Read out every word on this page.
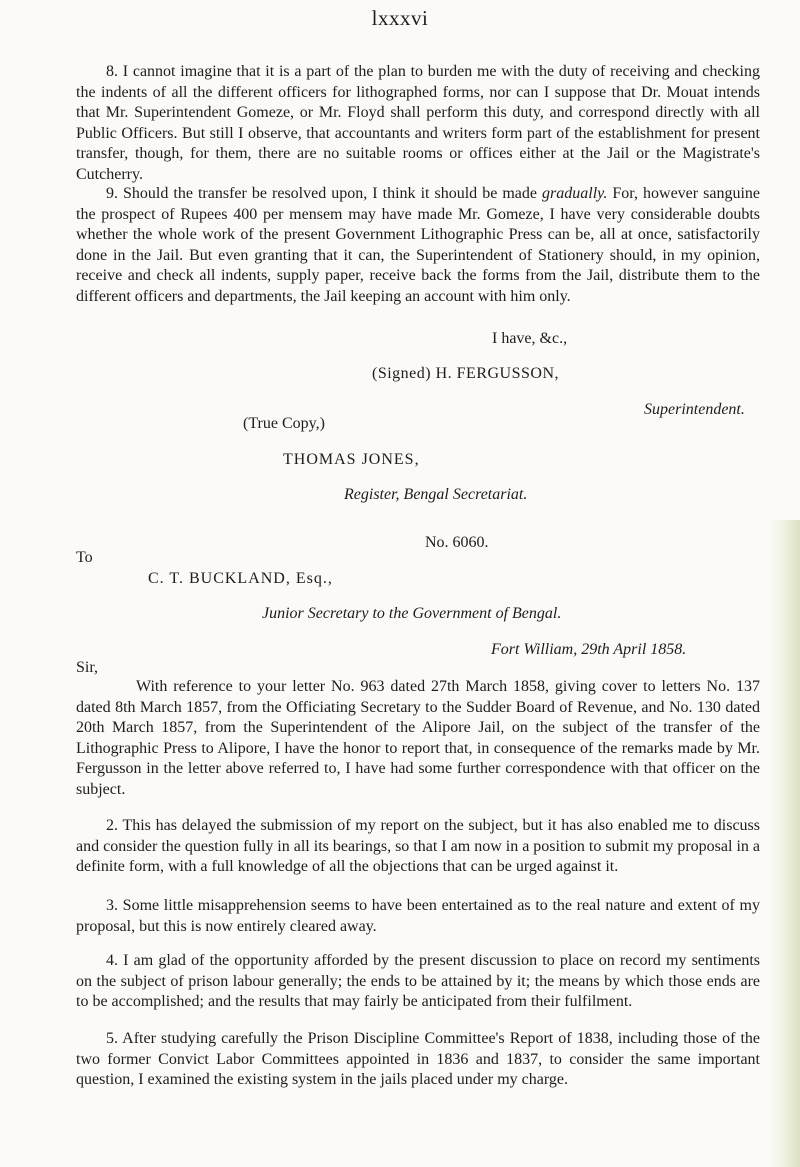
lxxxvi

8. I cannot imagine that it is a part of the plan to burden me with the duty of receiving and checking the indents of all the different officers for lithographed forms, nor can I suppose that Dr. Mouat intends that Mr. Superintendent Gomeze, or Mr. Floyd shall perform this duty, and correspond directly with all Public Officers. But still I observe, that accountants and writers form part of the establishment for present transfer, though, for them, there are no suitable rooms or offices either at the Jail or the Magistrate's Cutcherry.

9. Should the transfer be resolved upon, I think it should be made gradually. For, however sanguine the prospect of Rupees 400 per mensem may have made Mr. Gomeze, I have very considerable doubts whether the whole work of the present Government Lithographic Press can be, all at once, satisfactorily done in the Jail. But even granting that it can, the Superintendent of Stationery should, in my opinion, receive and check all indents, supply paper, receive back the forms from the Jail, distribute them to the different officers and departments, the Jail keeping an account with him only.

I have, &c.,
(Signed) H. FERGUSSON,
Superintendent.
(True Copy,)
THOMAS JONES,
Register, Bengal Secretariat.
No. 6060.
To
C. T. BUCKLAND, Esq.,
Junior Secretary to the Government of Bengal.
Fort William, 29th April 1858.
Sir,

With reference to your letter No. 963 dated 27th March 1858, giving cover to letters No. 137 dated 8th March 1857, from the Officiating Secretary to the Sudder Board of Revenue, and No. 130 dated 20th March 1857, from the Superintendent of the Alipore Jail, on the subject of the transfer of the Lithographic Press to Alipore, I have the honor to report that, in consequence of the remarks made by Mr. Fergusson in the letter above referred to, I have had some further correspondence with that officer on the subject.

2. This has delayed the submission of my report on the subject, but it has also enabled me to discuss and consider the question fully in all its bearings, so that I am now in a position to submit my proposal in a definite form, with a full knowledge of all the objections that can be urged against it.

3. Some little misapprehension seems to have been entertained as to the real nature and extent of my proposal, but this is now entirely cleared away.

4. I am glad of the opportunity afforded by the present discussion to place on record my sentiments on the subject of prison labour generally; the ends to be attained by it; the means by which those ends are to be accomplished; and the results that may fairly be anticipated from their fulfilment.

5. After studying carefully the Prison Discipline Committee's Report of 1838, including those of the two former Convict Labor Committees appointed in 1836 and 1837, to consider the same important question, I examined the existing system in the jails placed under my charge.
